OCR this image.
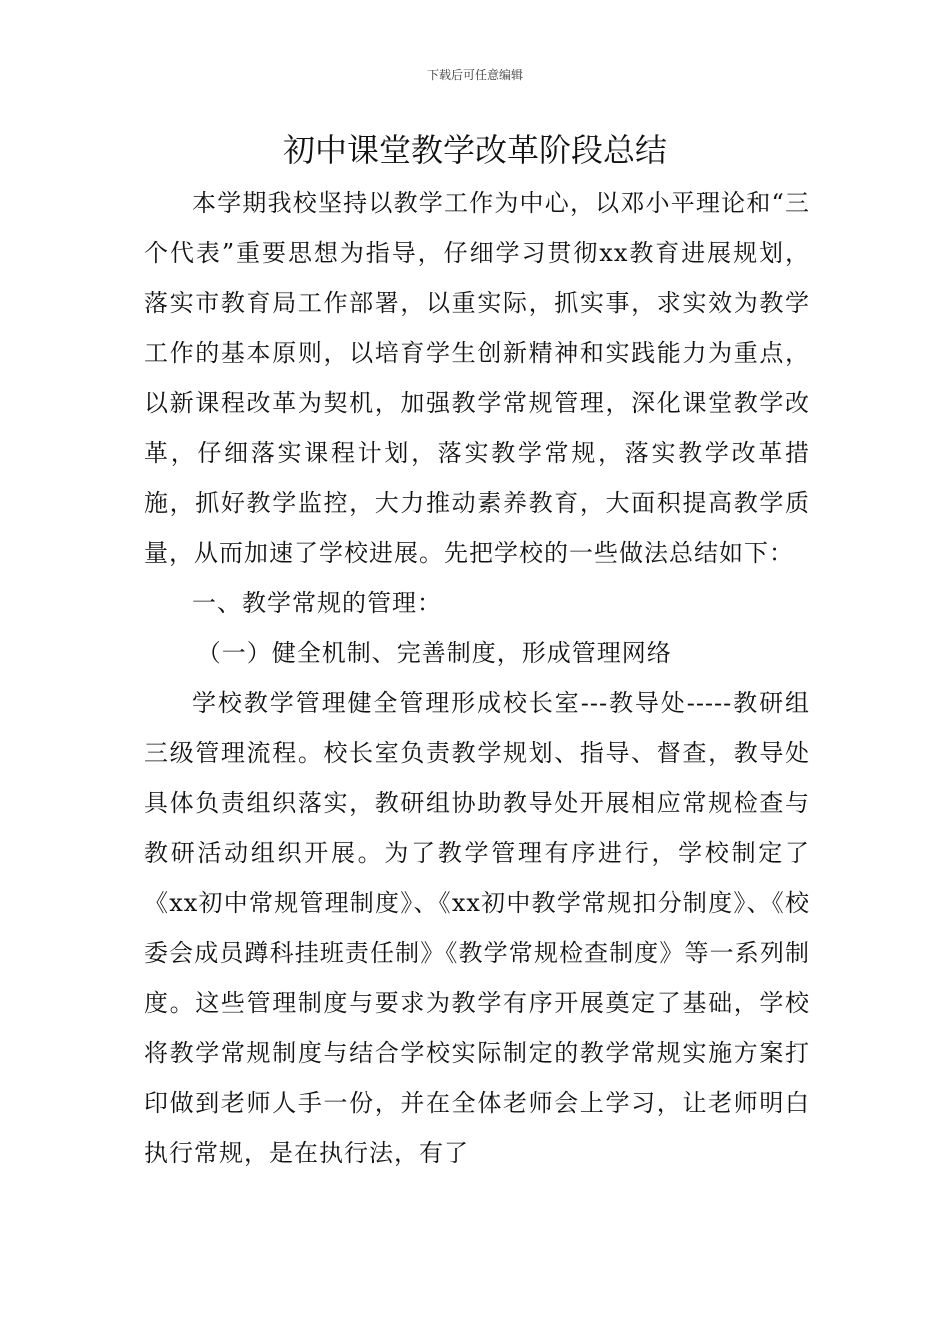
下载后可任意编辑
初中课堂教学改革阶段总结

本学期我校坚持以教学工作为中心，以邓小平理论和“三个代表”重要思想为指导，仔细学习贯彻xx教育进展规划，落实市教育局工作部署，以重实际，抓实事，求实效为教学工作的基本原则，以培育学生创新精神和实践能力为重点，以新课程改革为契机，加强教学常规管理，深化课堂教学改革，仔细落实课程计划，落实教学常规，落实教学改革措施，抓好教学监控，大力推动素养教育，大面积提高教学质量，从而加速了学校进展。先把学校的一些做法总结如下：

一、教学常规的管理：

（一）健全机制、完善制度，形成管理网络

学校教学管理健全管理形成校长室---教导处-----教研组三级管理流程。校长室负责教学规划、指导、督查，教导处具体负责组织落实，教研组协助教导处开展相应常规检查与教研活动组织开展。为了教学管理有序进行，学校制定了《xx初中常规管理制度》、《xx初中教学常规扣分制度》、《校委会成员蹲科挂班责任制》《教学常规检查制度》等一系列制度。这些管理制度与要求为教学有序开展奠定了基础，学校将教学常规制度与结合学校实际制定的教学常规实施方案打印做到老师人手一份，并在全体老师会上学习，让老师明白执行常规，是在执行法，有了
